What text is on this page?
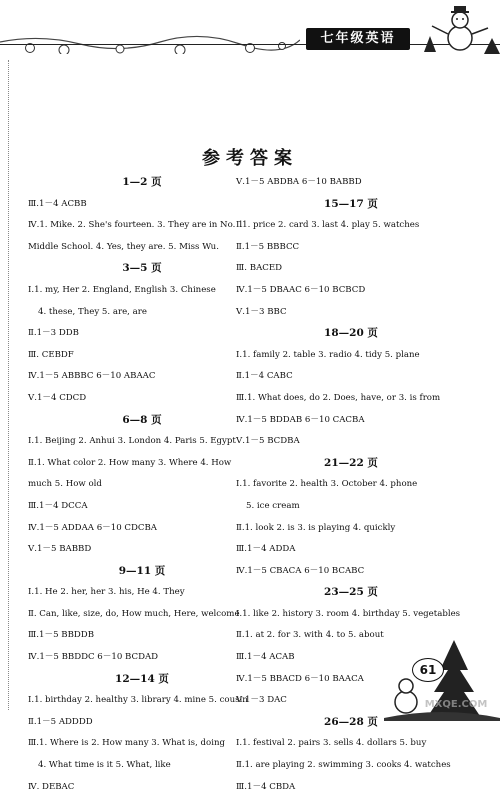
七年级英语
参考答案
1—2 页
Ⅲ.1－4 ACBB
Ⅳ.1. Mike. 2. She's fourteen. 3. They are in No. 1
Middle School. 4. Yes, they are. 5. Miss Wu.
3—5 页
Ⅰ.1. my, Her 2. England, English 3. Chinese
4. these, They 5. are, are
Ⅱ.1－3 DDB
Ⅲ. CEBDF
Ⅳ.1－5 ABBBC 6－10 ABAAC
Ⅴ.1－4 CDCD
6—8 页
Ⅰ.1. Beijing 2. Anhui 3. London 4. Paris 5. Egypt
Ⅱ.1. What color 2. How many 3. Where 4. How
much 5. How old
Ⅲ.1－4 DCCA
Ⅳ.1－5 ADDAA 6－10 CDCBA
Ⅴ.1－5 BABBD
9—11 页
Ⅰ.1. He 2. her, her 3. his, He 4. They
Ⅱ. Can, like, size, do, How much, Here, welcome
Ⅲ.1－5 BBDDB
Ⅳ.1－5 BBDDC 6－10 BCDAD
12—14 页
Ⅰ.1. birthday 2. healthy 3. library 4. mine 5. cousin
Ⅱ.1－5 ADDDD
Ⅲ.1. Where is 2. How many 3. What is, doing
4. What time is it 5. What, like
Ⅳ. DEBAC
Ⅴ.1－5 ABDBA 6－10 BABBD
15—17 页
Ⅰ.1. price 2. card 3. last 4. play 5. watches
Ⅱ.1－5 BBBCC
Ⅲ. BACED
Ⅳ.1－5 DBAAC 6－10 BCBCD
Ⅴ.1－3 BBC
18—20 页
Ⅰ.1. family 2. table 3. radio 4. tidy 5. plane
Ⅱ.1－4 CABC
Ⅲ.1. What does, do 2. Does, have, or 3. is from
Ⅳ.1－5 BDDAB 6－10 CACBA
Ⅴ.1－5 BCDBA
21—22 页
Ⅰ.1. favorite 2. health 3. October 4. phone
5. ice cream
Ⅱ.1. look 2. is 3. is playing 4. quickly
Ⅲ.1－4 ADDA
Ⅳ.1－5 CBACA 6－10 BCABC
23—25 页
Ⅰ.1. like 2. history 3. room 4. birthday 5. vegetables
Ⅱ.1. at 2. for 3. with 4. to 5. about
Ⅲ.1－4 ACAB
Ⅳ.1－5 BBACD 6－10 BAACA
Ⅴ.1－3 DAC
26—28 页
Ⅰ.1. festival 2. pairs 3. sells 4. dollars 5. buy
Ⅱ.1. are playing 2. swimming 3. cooks 4. watches
Ⅲ.1－4 CBDA
61
MXQE.COM
